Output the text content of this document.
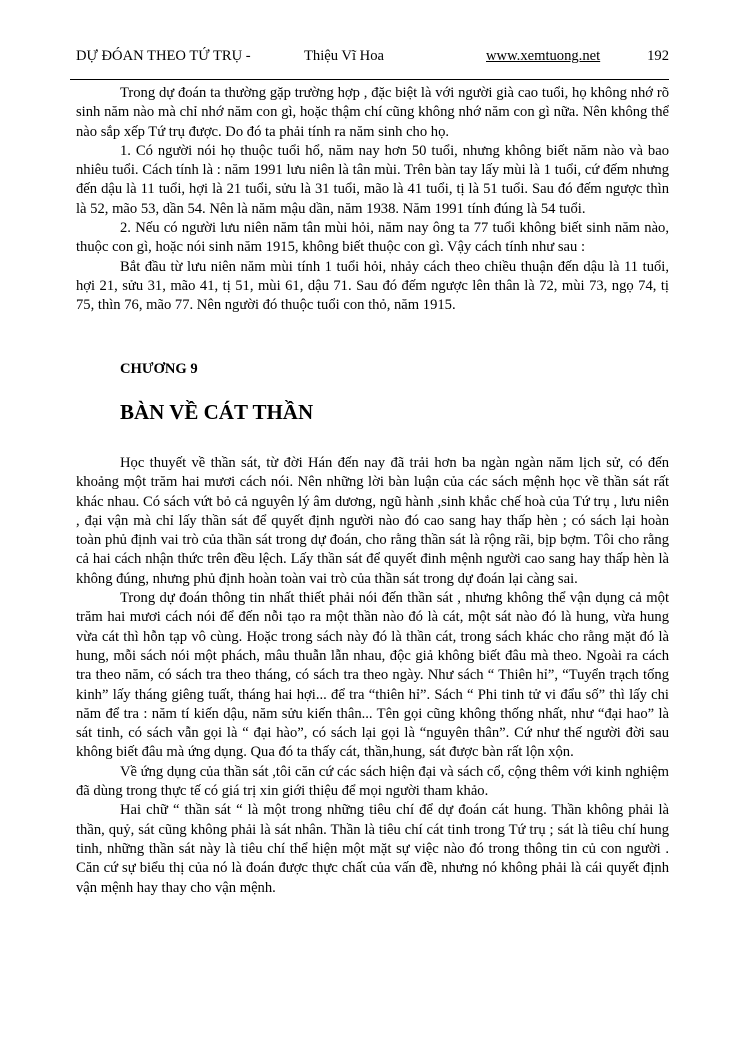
DỰ ĐÓAN THEO TỨ TRỤ -	Thiệu Vĩ Hoa	www.xemtuong.net	192

Trong dự đoán ta thường gặp trường hợp , đặc biệt là với người già cao tuổi, họ không nhớ rõ sinh năm nào mà chỉ nhớ năm con gì, hoặc thậm chí cũng không nhớ năm con gì nữa. Nên không thể nào sắp xếp Tứ trụ được. Do đó ta phải tính ra năm sinh cho họ.

1. Có người nói họ thuộc tuổi hổ, năm nay hơn 50 tuổi, nhưng không biết năm nào và bao nhiêu tuổi. Cách tính là : năm 1991 lưu niên là tân mùi. Trên bàn tay lấy mùi là 1 tuổi, cứ đếm nhưng đến dậu là 11 tuổi, hợi là 21 tuổi, sửu là 31 tuổi, mão là 41 tuổi, tị là 51 tuổi. Sau đó đếm ngược thìn là 52, mão 53, dần 54. Nên là năm mậu dần, năm 1938. Năm 1991 tính đúng là 54 tuổi.

2. Nếu có người lưu niên năm tân mùi hỏi, năm nay ông ta 77 tuổi không biết sinh năm nào, thuộc con gì, hoặc nói sinh năm 1915, không biết thuộc con gì. Vậy cách tính như sau :

Bắt đầu từ lưu niên năm mùi tính 1 tuổi hỏi, nhảy cách theo chiều thuận đến dậu là 11 tuổi, hợi 21, sửu 31, mão 41, tị 51, mùi 61, dậu 71. Sau đó đếm ngược lên thân là 72, mùi 73, ngọ 74, tị 75, thìn 76, mão 77. Nên người đó thuộc tuổi con thỏ, năm 1915.

CHƯƠNG 9
BÀN VỀ CÁT THẦN

Học thuyết về thần sát, từ đời Hán đến nay đã trải hơn ba ngàn ngàn năm lịch sử, có đến khoảng một trăm hai mươi cách nói. Nên những lời bàn luận của các sách mệnh học về thần sát rất khác nhau. Có sách vứt bỏ cả nguyên lý âm dương, ngũ hành ,sinh khắc chế hoà của Tứ trụ , lưu niên , đại vận mà chỉ lấy thần sát để quyết định người nào đó cao sang hay thấp hèn ; có sách lại hoàn toàn phủ định vai trò của thần sát trong dự đoán, cho rằng thần sát là rộng rãi, bịp bợm. Tôi cho rằng cả hai cách nhận thức trên đều lệch. Lấy thần sát để quyết đinh mệnh người cao sang hay thấp hèn là không đúng, nhưng phủ định hoàn toàn vai trò của thần sát trong dự đoán lại càng sai.

Trong dự đoán thông tin nhất thiết phải nói đến thần sát , nhưng không thể vận dụng cả một trăm hai mươi cách nói để đến nỗi tạo ra một thần nào đó là cát, một sát nào đó là hung, vừa hung vừa cát thì hỗn tạp vô cùng. Hoặc trong sách này đó là thần cát, trong sách khác cho rằng mặt đó là hung, mỗi sách nói một phách, mâu thuẫn lẫn nhau, độc giả không biết đâu mà theo. Ngoài ra cách tra theo năm, có sách tra theo tháng, có sách tra theo ngày. Như sách “ Thiên hỉ”, “Tuyển trạch tống kinh” lấy tháng giêng tuất, tháng hai hợi... để tra “thiên hỉ”. Sách “ Phi tinh tử vi đẩu số” thì lấy chi năm để tra : năm tí kiến dậu, năm sửu kiến thân... Tên gọi cũng không thống nhất, như “đại hao” là sát tinh, có sách vẫn gọi là “ đại hào”, có sách lại gọi là “nguyên thân”. Cứ như thế người đời sau không biết đâu mà ứng dụng. Qua đó ta thấy cát, thần,hung, sát được bàn rất lộn xộn.

Về ứng dụng của thần sát ,tôi căn cứ các sách hiện đại và sách cổ, cộng thêm với kinh nghiệm đã dùng trong thực tế có giá trị xin giới thiệu để mọi người tham khảo.

Hai chữ “ thần sát “ là một trong những tiêu chí để dự đoán cát hung. Thần không phải là thần, quỷ, sát cũng không phải là sát nhân. Thần là tiêu chí cát tinh trong Tứ trụ ; sát là tiêu chí hung tinh, những thần sát này là tiêu chí thể hiện một mặt sự việc nào đó trong thông tin củ con người . Căn cứ sự biểu thị của nó là đoán được thực chất của vấn đề, nhưng nó không phải là cái quyết định vận mệnh hay thay cho vận mệnh.
